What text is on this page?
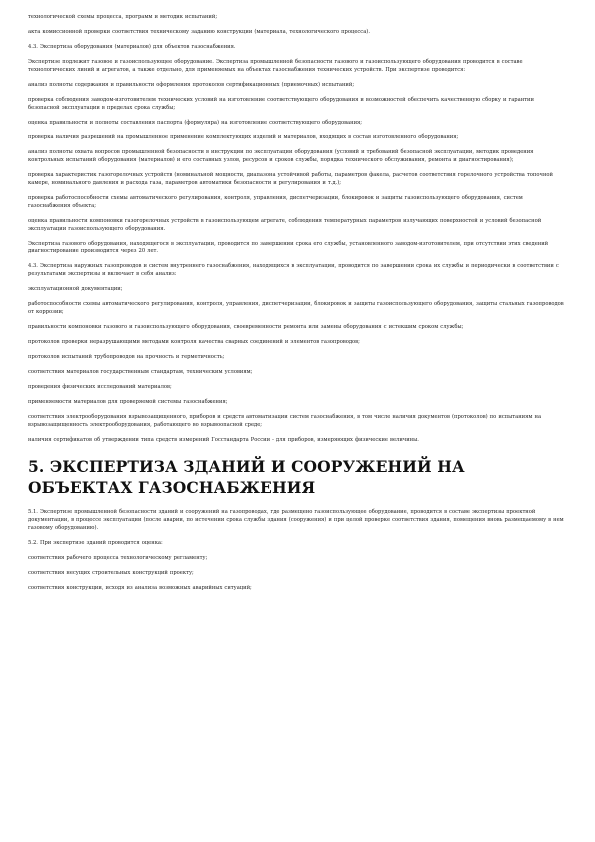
технологической схемы процесса, программ и методик испытаний;

акта комиссионной проверки соответствия техническому заданию конструкции (материала, технологического процесса).

4.3. Экспертиза оборудования (материалов) для объектов газоснабжения.

Экспертизе подлежит газовое и газоиспользующее оборудование. Экспертиза промышленной безопасности газового и газоиспользующего оборудования проводится в составе технологических линий и агрегатов, а также отдельно, для применяемых на объектах газоснабжения технических устройств. При экспертизе проводится:

анализ полноты содержания и правильности оформления протоколов сертификационных (приемочных) испытаний;

проверка соблюдения заводом-изготовителем технических условий на изготовление соответствующего оборудования и возможностей обеспечить качественную сборку и гарантии безопасной эксплуатации в пределах срока службы;

оценка правильности и полноты составления паспорта (формуляра) на изготовление соответствующего оборудования;

проверка наличия разрешений на промышленное применение комплектующих изделий и материалов, входящих в состав изготовленного оборудования;

анализ полноты охвата вопросов промышленной безопасности в инструкции по эксплуатации оборудования (условий и требований безопасной эксплуатации, методик проведения контрольных испытаний оборудования (материалов) и его составных узлов, ресурсов и сроков службы, порядка технического обслуживания, ремонта и диагностирования);

проверка характеристик газогорелочных устройств (номинальной мощности, диапазона устойчивой работы, параметров факела, расчетов соответствия горелочного устройства топочной камере, номинального давления и расхода газа, параметров автоматики безопасности и регулирования и т.д.);

проверка работоспособности схемы автоматического регулирования, контроля, управления, диспетчеризации, блокировок и защиты газоиспользующего оборудования, систем газоснабжения объекта;

оценка правильности компоновки газогорелочных устройств в газоиспользующем агрегате, соблюдения температурных параметров излучающих поверхностей и условий безопасной эксплуатации газоиспользующего оборудования.

Экспертиза газового оборудования, находящегося в эксплуатации, проводится по завершении срока его службы, установленного заводом-изготовителем, при отсутствии этих сведений диагностирование производится через 20 лет.

4.3. Экспертиза наружных газопроводов и систем внутреннего газоснабжения, находящихся в эксплуатации, проводится по завершении срока их службы и периодически в соответствии с результатами экспертизы и включает в себя анализ:

эксплуатационной документации;

работоспособности схемы автоматического регулирования, контроля, управления, диспетчеризации, блокировок и защиты газоиспользующего оборудования, защиты стальных газопроводов от коррозии;

правильности компоновки газового и газоиспользующего оборудования, своевременности ремонта или замены оборудования с истекшим сроком службы;

протоколов проверки неразрушающими методами контроля качества сварных соединений и элементов газопроводов;

протоколов испытаний трубопроводов на прочность и герметичность;

соответствия материалов государственным стандартам, техническим условиям;

проведения физических исследований материалов;

применяемости материалов для проверяемой системы газоснабжения;

соответствия электрооборудования взрывозащищенного, приборов и средств автоматизации систем газоснабжения, в том числе наличия документов (протоколов) по испытаниям на взрывозащищенность электрооборудования, работающего во взрывоопасной среде;

наличия сертификатов об утверждении типа средств измерений Госстандарта России - для приборов, измеряющих физические величины.

5. ЭКСПЕРТИЗА ЗДАНИЙ И СООРУЖЕНИЙ НА ОБЪЕКТАХ ГАЗОСНАБЖЕНИЯ

5.1. Экспертизе промышленной безопасности зданий и сооружений на газопроводах, где размещено газоиспользующее оборудование, проводится в составе экспертизы проектной документации, в процессе эксплуатации (после аварии, по истечении срока службы здания (сооружения) и при целой проверке соответствия здания, помещения вновь размещаемому в нем газовому оборудованию).

5.2. При экспертизе зданий проводится оценка:

соответствия рабочего процесса технологическому регламенту;

соответствия несущих строительных конструкций проекту;

соответствия конструкции, исходя из анализа возможных аварийных ситуаций;
